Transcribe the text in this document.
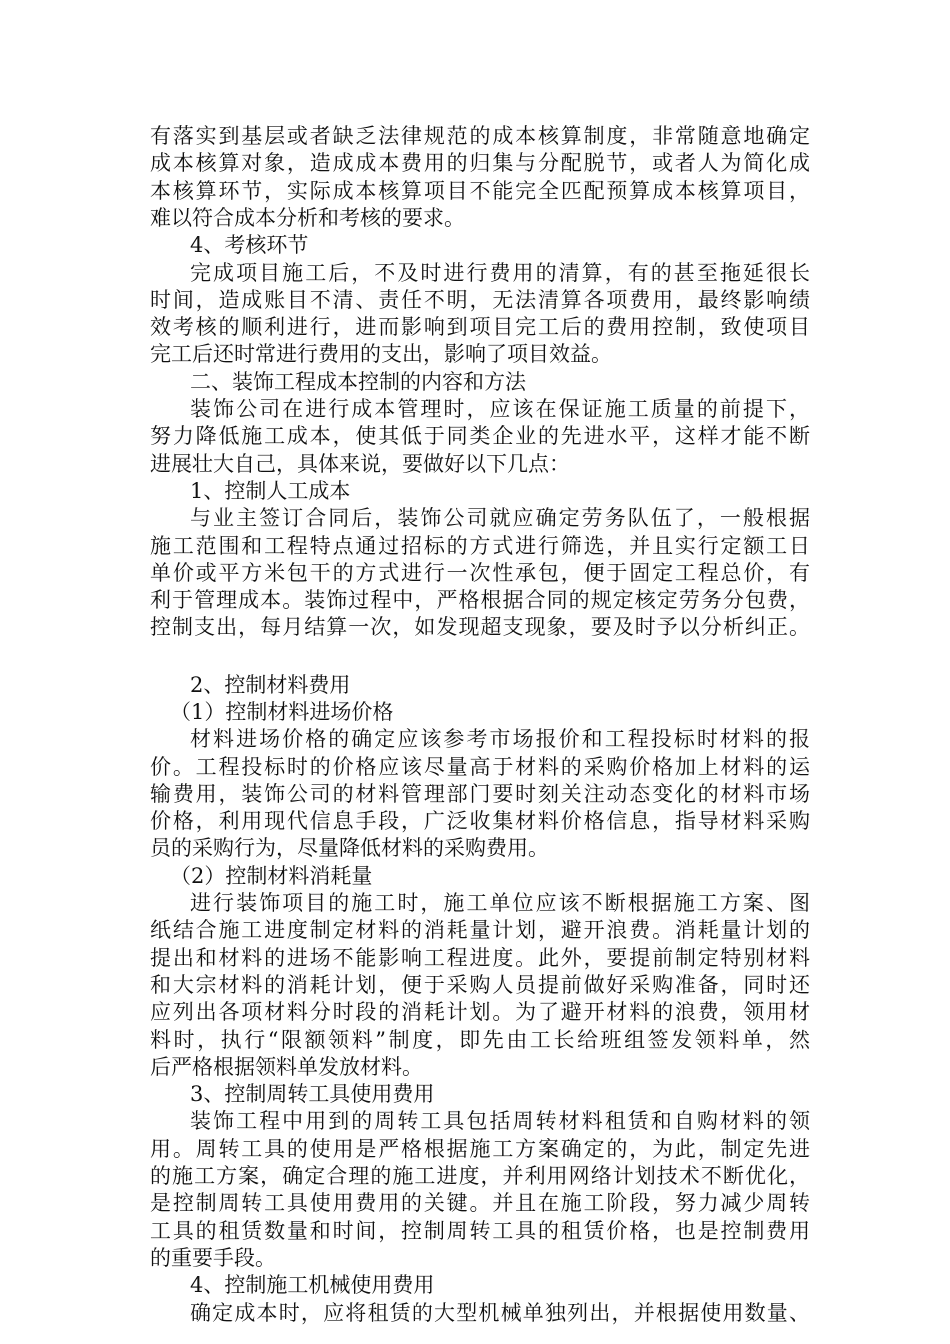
有落实到基层或者缺乏法律规范的成本核算制度，非常随意地确定
成本核算对象，造成成本费用的归集与分配脱节，或者人为简化成
本核算环节，实际成本核算项目不能完全匹配预算成本核算项目，
难以符合成本分析和考核的要求。
4、考核环节
完成项目施工后，不及时进行费用的清算，有的甚至拖延很长
时间，造成账目不清、责任不明，无法清算各项费用，最终影响绩
效考核的顺利进行，进而影响到项目完工后的费用控制，致使项目
完工后还时常进行费用的支出，影响了项目效益。
二、装饰工程成本控制的内容和方法
装饰公司在进行成本管理时，应该在保证施工质量的前提下，
努力降低施工成本，使其低于同类企业的先进水平，这样才能不断
进展壮大自己，具体来说，要做好以下几点：
1、控制人工成本
与业主签订合同后，装饰公司就应确定劳务队伍了，一般根据
施工范围和工程特点通过招标的方式进行筛选，并且实行定额工日
单价或平方米包干的方式进行一次性承包，便于固定工程总价，有
利于管理成本。装饰过程中，严格根据合同的规定核定劳务分包费，
控制支出，每月结算一次，如发现超支现象，要及时予以分析纠正。
2、控制材料费用
（1）控制材料进场价格
材料进场价格的确定应该参考市场报价和工程投标时材料的报
价。工程投标时的价格应该尽量高于材料的采购价格加上材料的运
输费用，装饰公司的材料管理部门要时刻关注动态变化的材料市场
价格，利用现代信息手段，广泛收集材料价格信息，指导材料采购
员的采购行为，尽量降低材料的采购费用。
（2）控制材料消耗量
进行装饰项目的施工时，施工单位应该不断根据施工方案、图
纸结合施工进度制定材料的消耗量计划，避开浪费。消耗量计划的
提出和材料的进场不能影响工程进度。此外，要提前制定特别材料
和大宗材料的消耗计划，便于采购人员提前做好采购准备，同时还
应列出各项材料分时段的消耗计划。为了避开材料的浪费，领用材
料时，执行“限额领料”制度，即先由工长给班组签发领料单，然
后严格根据领料单发放材料。
3、控制周转工具使用费用
装饰工程中用到的周转工具包括周转材料租赁和自购材料的领
用。周转工具的使用是严格根据施工方案确定的，为此，制定先进
的施工方案，确定合理的施工进度，并利用网络计划技术不断优化，
是控制周转工具使用费用的关键。并且在施工阶段，努力减少周转
工具的租赁数量和时间，控制周转工具的租赁价格，也是控制费用
的重要手段。
4、控制施工机械使用费用
确定成本时，应将租赁的大型机械单独列出，并根据使用数量、
